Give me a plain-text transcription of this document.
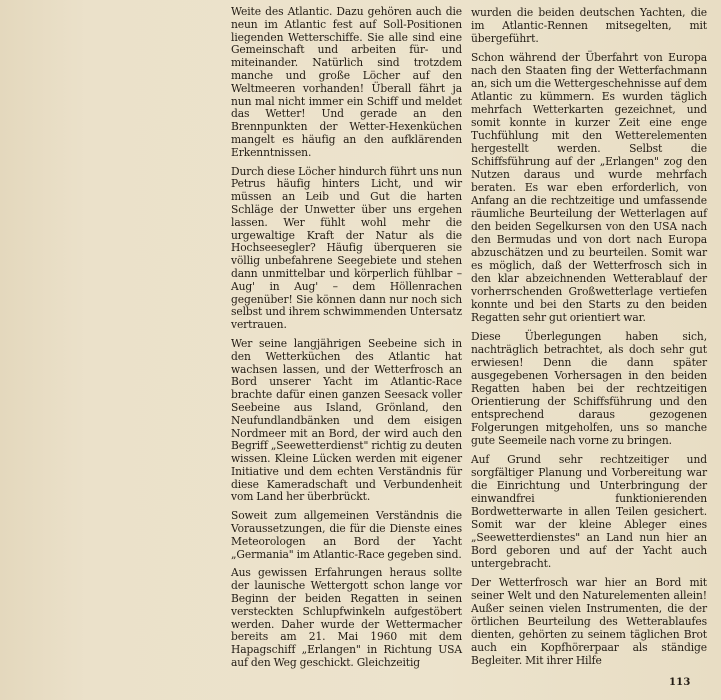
Weite des Atlantic. Dazu gehören auch die neun im Atlantic fest auf Soll-Positionen liegenden Wetterschiffe. Sie alle sind eine Gemeinschaft und arbeiten für- und miteinander. Natürlich sind trotzdem manche und große Löcher auf den Weltmeeren vorhanden! Überall fährt ja nun mal nicht immer ein Schiff und meldet das Wetter! Und gerade an den Brennpunkten der Wetter-Hexenküchen mangelt es häufig an den aufklärenden Erkenntnissen.

Durch diese Löcher hindurch führt uns nun Petrus häufig hinters Licht, und wir müssen an Leib und Gut die harten Schläge der Unwetter über uns ergehen lassen. Wer fühlt wohl mehr die urgewaltige Kraft der Natur als die Hochseesegler? Häufig überqueren sie völlig unbefahrene Seegebiete und stehen dann unmittelbar und körperlich fühlbar – Aug' in Aug' – dem Höllenrachen gegenüber! Sie können dann nur noch sich selbst und ihrem schwimmenden Untersatz vertrauen.

Wer seine langjährigen Seebeine sich in den Wetterküchen des Atlantic hat wachsen lassen, und der Wetterfrosch an Bord unserer Yacht im Atlantic-Race brachte dafür einen ganzen Seesack voller Seebeine aus Island, Grönland, den Neufundlandbänken und dem eisigen Nordmeer mit an Bord, der wird auch den Begriff „Seewetterdienst" richtig zu deuten wissen. Kleine Lücken werden mit eigener Initiative und dem echten Verständnis für diese Kameradschaft und Verbundenheit vom Land her überbrückt.

Soweit zum allgemeinen Verständnis die Voraussetzungen, die für die Dienste eines Meteorologen an Bord der Yacht „Germania" im Atlantic-Race gegeben sind.

Aus gewissen Erfahrungen heraus sollte der launische Wettergott schon lange vor Beginn der beiden Regatten in seinen versteckten Schlupfwinkeln aufgestöbert werden. Daher wurde der Wettermacher bereits am 21. Mai 1960 mit dem Hapagschiff „Erlangen" in Richtung USA auf den Weg geschickt. Gleichzeitig

wurden die beiden deutschen Yachten, die im Atlantic-Rennen mitsegelten, mit übergeführt.

Schon während der Überfahrt von Europa nach den Staaten fing der Wetterfachmann an, sich um die Wettergeschehnisse auf dem Atlantic zu kümmern. Es wurden täglich mehrfach Wetterkarten gezeichnet, und somit konnte in kurzer Zeit eine enge Tuchfühlung mit den Wetterelementen hergestellt werden. Selbst die Schiffsführung auf der „Erlangen" zog den Nutzen daraus und wurde mehrfach beraten. Es war eben erforderlich, von Anfang an die rechtzeitige und umfassende räumliche Beurteilung der Wetterlagen auf den beiden Segelkursen von den USA nach den Bermudas und von dort nach Europa abzuschätzen und zu beurteilen. Somit war es möglich, daß der Wetterfrosch sich in den klar abzeichnenden Wetterablauf der vorherrschenden Großwetterlage vertiefen konnte und bei den Starts zu den beiden Regatten sehr gut orientiert war.

Diese Überlegungen haben sich, nachträglich betrachtet, als doch sehr gut erwiesen! Denn die dann später ausgegebenen Vorhersagen in den beiden Regatten haben bei der rechtzeitigen Orientierung der Schiffsführung und den entsprechend daraus gezogenen Folgerungen mitgeholfen, uns so manche gute Seemeile nach vorne zu bringen.

Auf Grund sehr rechtzeitiger und sorgfältiger Planung und Vorbereitung war die Einrichtung und Unterbringung der einwandfrei funktionierenden Bordwetterwarte in allen Teilen gesichert. Somit war der kleine Ableger eines „Seewetterdienstes" an Land nun hier an Bord geboren und auf der Yacht auch untergebracht.

Der Wetterfrosch war hier an Bord mit seiner Welt und den Naturelementen allein! Außer seinen vielen Instrumenten, die der örtlichen Beurteilung des Wetterablaufes dienten, gehörten zu seinem täglichen Brot auch ein Kopfhörerpaar als ständige Begleiter. Mit ihrer Hilfe

113
